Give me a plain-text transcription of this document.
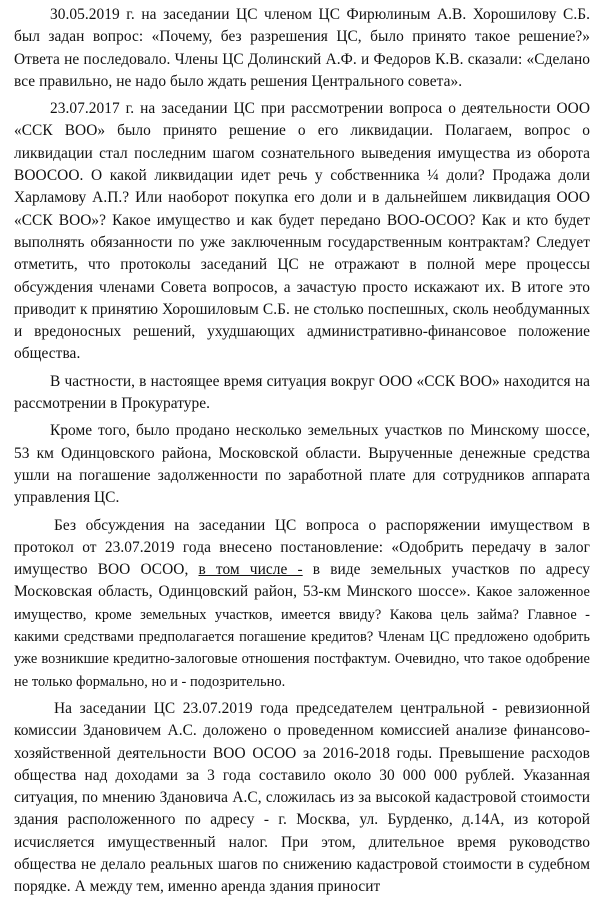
30.05.2019 г. на заседании ЦС членом ЦС Фирюлиным А.В. Хорошилову С.Б. был задан вопрос: «Почему, без разрешения ЦС, было принято такое решение?» Ответа не последовало. Члены ЦС Долинский А.Ф. и Федоров К.В. сказали: «Сделано все правильно, не надо было ждать решения Центрального совета».

23.07.2017 г. на заседании ЦС при рассмотрении вопроса о деятельности ООО «ССК ВОО» было принято решение о его ликвидации. Полагаем, вопрос о ликвидации стал последним шагом сознательного выведения имущества из оборота ВООСОО. О какой ликвидации идет речь у собственника ¼ доли? Продажа доли Харламову А.П.? Или наоборот покупка его доли и в дальнейшем ликвидация ООО «ССК ВОО»? Какое имущество и как будет передано ВОО-ОСОО? Как и кто будет выполнять обязанности по уже заключенным государственным контрактам? Следует отметить, что протоколы заседаний ЦС не отражают в полной мере процессы обсуждения членами Совета вопросов, а зачастую просто искажают их. В итоге это приводит к принятию Хорошиловым С.Б. не столько поспешных, сколь необдуманных и вредоносных решений, ухудшающих административно-финансовое положение общества.

В частности, в настоящее время ситуация вокруг ООО «ССК ВОО» находится на рассмотрении в Прокуратуре.

Кроме того, было продано несколько земельных участков по Минскому шоссе, 53 км Одинцовского района, Московской области. Вырученные денежные средства ушли на погашение задолженности по заработной плате для сотрудников аппарата управления ЦС.

Без обсуждения на заседании ЦС вопроса о распоряжении имуществом в протокол от 23.07.2019 года внесено постановление: «Одобрить передачу в залог имущество ВОО ОСОО, в том числе - в виде земельных участков по адресу Московская область, Одинцовский район, 53-км Минского шоссе». Какое заложенное имущество, кроме земельных участков, имеется ввиду? Какова цель займа? Главное - какими средствами предполагается погашение кредитов? Членам ЦС предложено одобрить уже возникшие кредитно-залоговые отношения постфактум. Очевидно, что такое одобрение не только формально, но и - подозрительно.

На заседании ЦС 23.07.2019 года председателем центральной - ревизионной комиссии Здановичем А.С. доложено о проведенном комиссией анализе финансово-хозяйственной деятельности ВОО ОСОО за 2016-2018 годы. Превышение расходов общества над доходами за 3 года составило около 30 000 000 рублей. Указанная ситуация, по мнению Здановича А.С, сложилась из за высокой кадастровой стоимости здания расположенного по адресу - г. Москва, ул. Бурденко, д.14А, из которой исчисляется имущественный налог. При этом, длительное время руководство общества не делало реальных шагов по снижению кадастровой стоимости в судебном порядке. А между тем, именно аренда здания приносит
